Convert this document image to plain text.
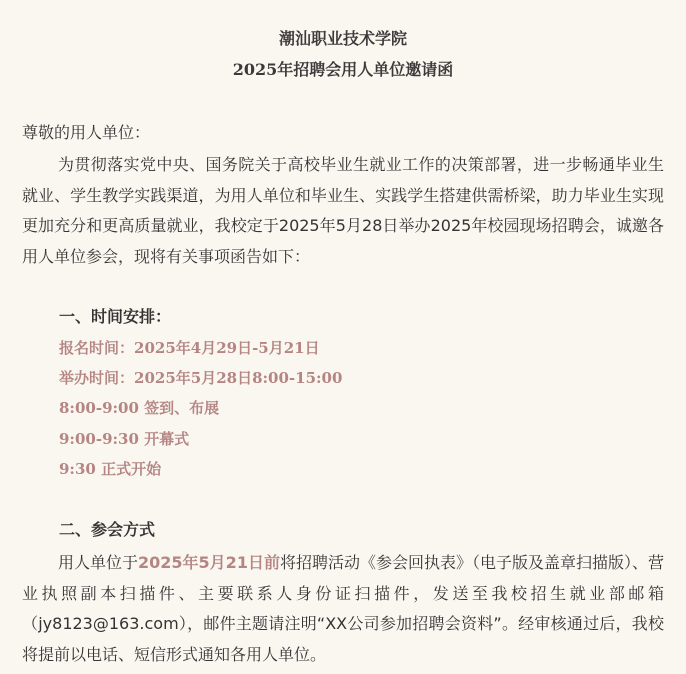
潮汕职业技术学院
2025年招聘会用人单位邀请函
尊敬的用人单位：

为贯彻落实党中央、国务院关于高校毕业生就业工作的决策部署，进一步畅通毕业生就业、学生教学实践渠道，为用人单位和毕业生、实践学生搭建供需桥梁，助力毕业生实现更加充分和更高质量就业，我校定于2025年5月28日举办2025年校园现场招聘会，诚邀各用人单位参会，现将有关事项函告如下：

一、时间安排：
报名时间：2025年4月29日-5月21日
举办时间：2025年5月28日8:00-15:00
8:00-9:00 签到、布展
9:00-9:30 开幕式
9:30 正式开始
二、参会方式

用人单位于2025年5月21日前将招聘活动《参会回执表》（电子版及盖章扫描版）、营业执照副本扫描件、主要联系人身份证扫描件，发送至我校招生就业部邮箱（jy8123@163.com），邮件主题请注明“XX公司参加招聘会资料”。经审核通过后，我校将提前以电话、短信形式通知各用人单位。
